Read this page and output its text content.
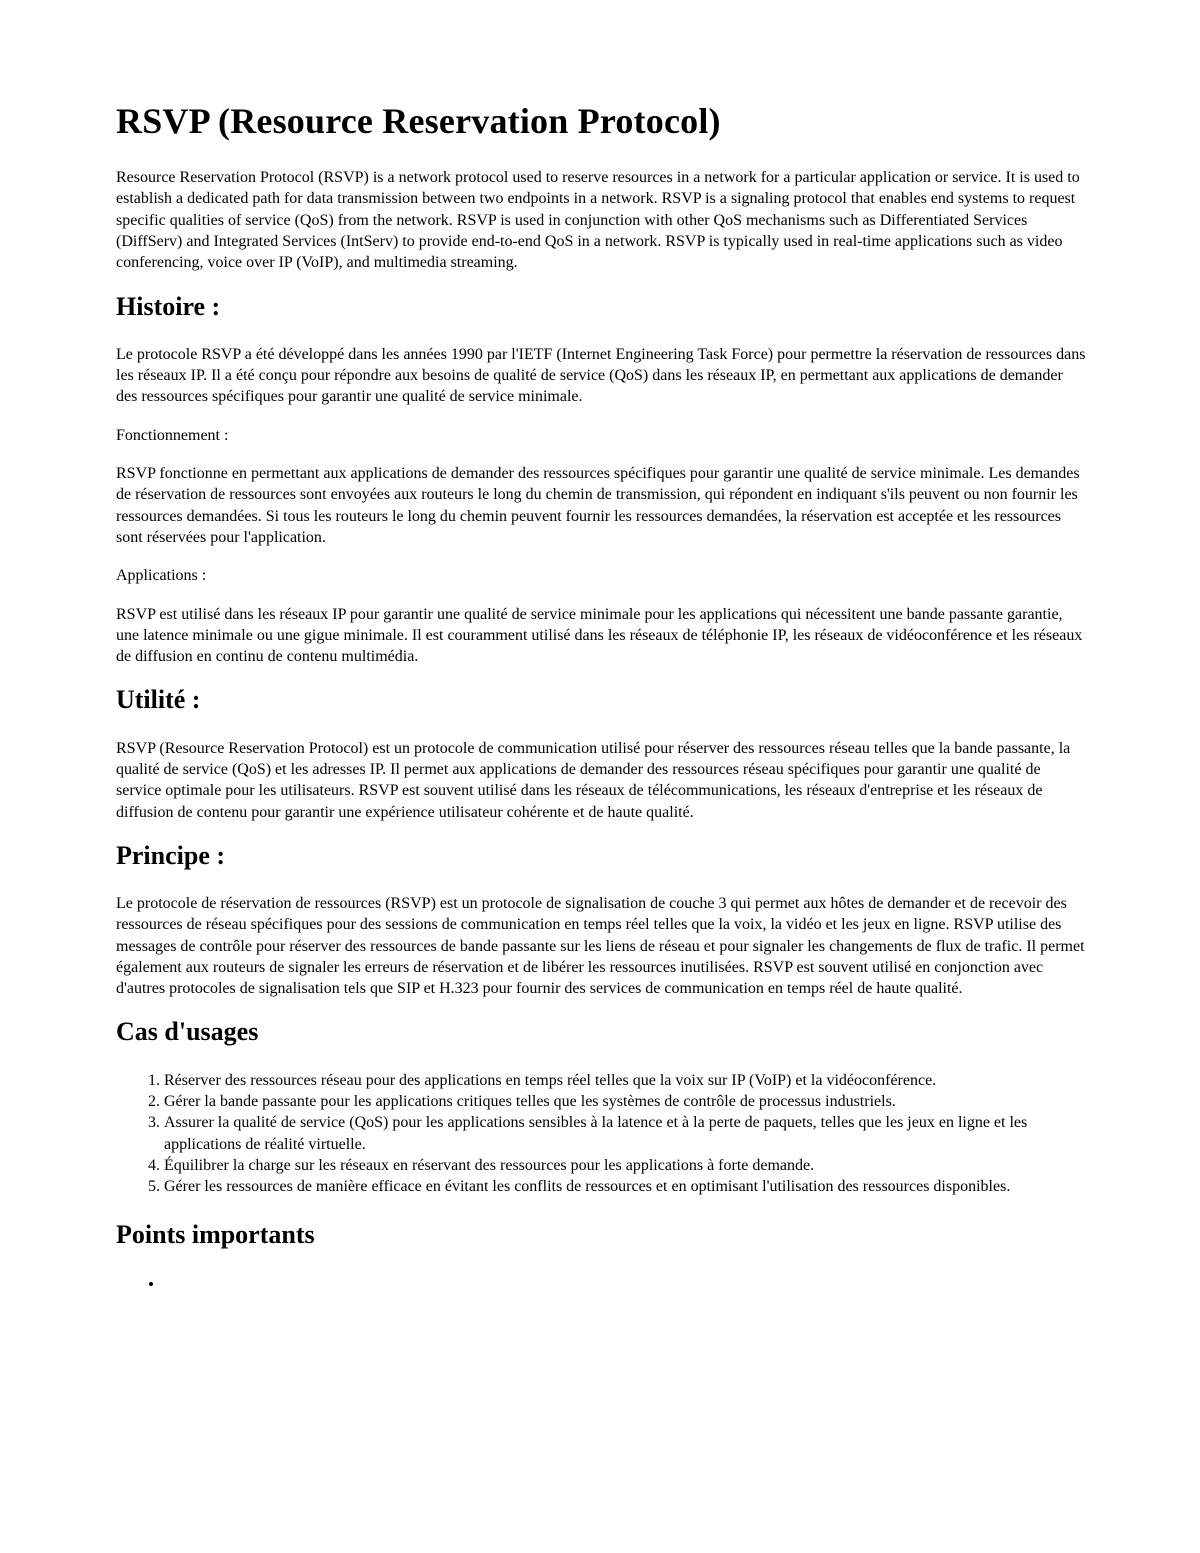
RSVP (Resource Reservation Protocol)

Resource Reservation Protocol (RSVP) is a network protocol used to reserve resources in a network for a particular application or service. It is used to establish a dedicated path for data transmission between two endpoints in a network. RSVP is a signaling protocol that enables end systems to request specific qualities of service (QoS) from the network. RSVP is used in conjunction with other QoS mechanisms such as Differentiated Services (DiffServ) and Integrated Services (IntServ) to provide end-to-end QoS in a network. RSVP is typically used in real-time applications such as video conferencing, voice over IP (VoIP), and multimedia streaming.

Histoire :

Le protocole RSVP a été développé dans les années 1990 par l'IETF (Internet Engineering Task Force) pour permettre la réservation de ressources dans les réseaux IP. Il a été conçu pour répondre aux besoins de qualité de service (QoS) dans les réseaux IP, en permettant aux applications de demander des ressources spécifiques pour garantir une qualité de service minimale.

Fonctionnement :

RSVP fonctionne en permettant aux applications de demander des ressources spécifiques pour garantir une qualité de service minimale. Les demandes de réservation de ressources sont envoyées aux routeurs le long du chemin de transmission, qui répondent en indiquant s'ils peuvent ou non fournir les ressources demandées. Si tous les routeurs le long du chemin peuvent fournir les ressources demandées, la réservation est acceptée et les ressources sont réservées pour l'application.

Applications :

RSVP est utilisé dans les réseaux IP pour garantir une qualité de service minimale pour les applications qui nécessitent une bande passante garantie, une latence minimale ou une gigue minimale. Il est couramment utilisé dans les réseaux de téléphonie IP, les réseaux de vidéoconférence et les réseaux de diffusion en continu de contenu multimédia.

Utilité :

RSVP (Resource Reservation Protocol) est un protocole de communication utilisé pour réserver des ressources réseau telles que la bande passante, la qualité de service (QoS) et les adresses IP. Il permet aux applications de demander des ressources réseau spécifiques pour garantir une qualité de service optimale pour les utilisateurs. RSVP est souvent utilisé dans les réseaux de télécommunications, les réseaux d'entreprise et les réseaux de diffusion de contenu pour garantir une expérience utilisateur cohérente et de haute qualité.

Principe :

Le protocole de réservation de ressources (RSVP) est un protocole de signalisation de couche 3 qui permet aux hôtes de demander et de recevoir des ressources de réseau spécifiques pour des sessions de communication en temps réel telles que la voix, la vidéo et les jeux en ligne. RSVP utilise des messages de contrôle pour réserver des ressources de bande passante sur les liens de réseau et pour signaler les changements de flux de trafic. Il permet également aux routeurs de signaler les erreurs de réservation et de libérer les ressources inutilisées. RSVP est souvent utilisé en conjonction avec d'autres protocoles de signalisation tels que SIP et H.323 pour fournir des services de communication en temps réel de haute qualité.

Cas d'usages
1. Réserver des ressources réseau pour des applications en temps réel telles que la voix sur IP (VoIP) et la vidéoconférence.
2. Gérer la bande passante pour les applications critiques telles que les systèmes de contrôle de processus industriels.
3. Assurer la qualité de service (QoS) pour les applications sensibles à la latence et à la perte de paquets, telles que les jeux en ligne et les applications de réalité virtuelle.
4. Équilibrer la charge sur les réseaux en réservant des ressources pour les applications à forte demande.
5. Gérer les ressources de manière efficace en évitant les conflits de ressources et en optimisant l'utilisation des ressources disponibles.
Points importants
•
